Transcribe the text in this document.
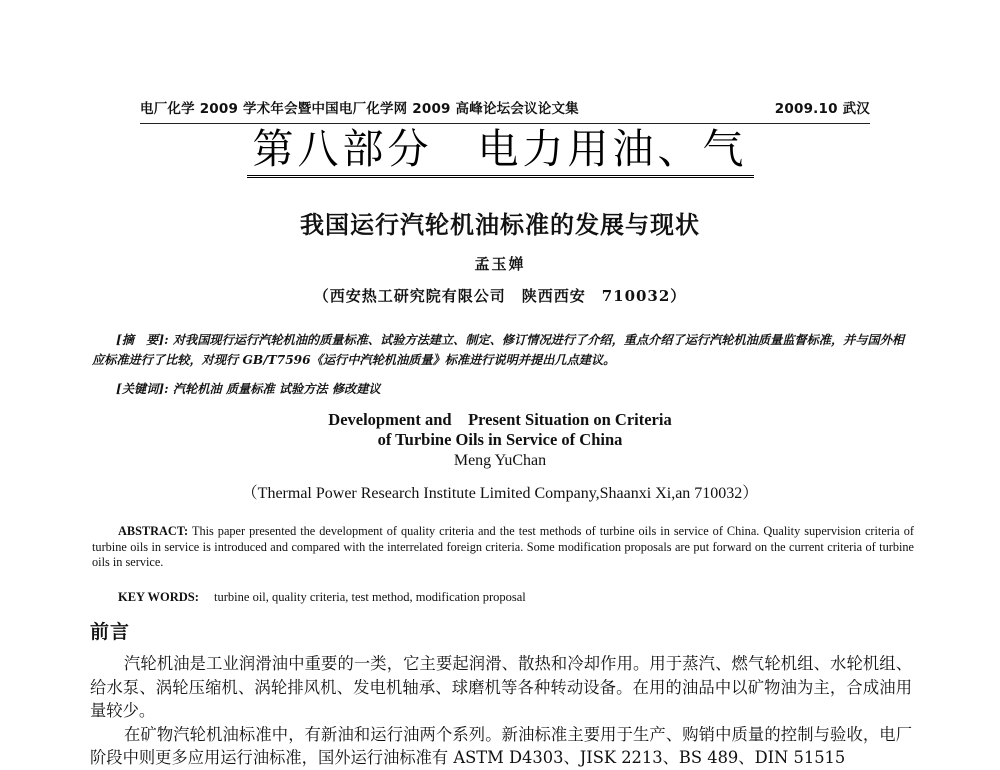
电厂化学 2009 学术年会暨中国电厂化学网 2009 高峰论坛会议论文集	2009.10 武汉
第八部分　电力用油、气
我国运行汽轮机油标准的发展与现状
孟玉婵
（西安热工研究院有限公司　陕西西安　710032）
[摘　要]: 对我国现行运行汽轮机油的质量标准、试验方法建立、制定、修订情况进行了介绍，重点介绍了运行汽轮机油质量监督标准，并与国外相应标准进行了比较，对现行 GB/T7596《运行中汽轮机油质量》标准进行说明并提出几点建议。
[关键词]: 汽轮机油 质量标准 试验方法 修改建议
Development and　Present Situation on Criteria
of Turbine Oils in Service of China
Meng YuChan
（Thermal Power Research Institute Limited Company,Shaanxi Xi,an 710032）
ABSTRACT: This paper presented the development of quality criteria and the test methods of turbine oils in service of China. Quality supervision criteria of turbine oils in service is introduced and compared with the interrelated foreign criteria. Some modification proposals are put forward on the current criteria of turbine oils in service.
KEY WORDS: turbine oil, quality criteria, test method, modification proposal
前言

汽轮机油是工业润滑油中重要的一类，它主要起润滑、散热和冷却作用。用于蒸汽、燃气轮机组、水轮机组、给水泵、涡轮压缩机、涡轮排风机、发电机轴承、球磨机等各种转动设备。在用的油品中以矿物油为主，合成油用量较少。

在矿物汽轮机油标准中，有新油和运行油两个系列。新油标准主要用于生产、购销中质量的控制与验收，电厂阶段中则更多应用运行油标准，国外运行油标准有 ASTM D4303、JISK 2213、BS 489、DIN 51515
